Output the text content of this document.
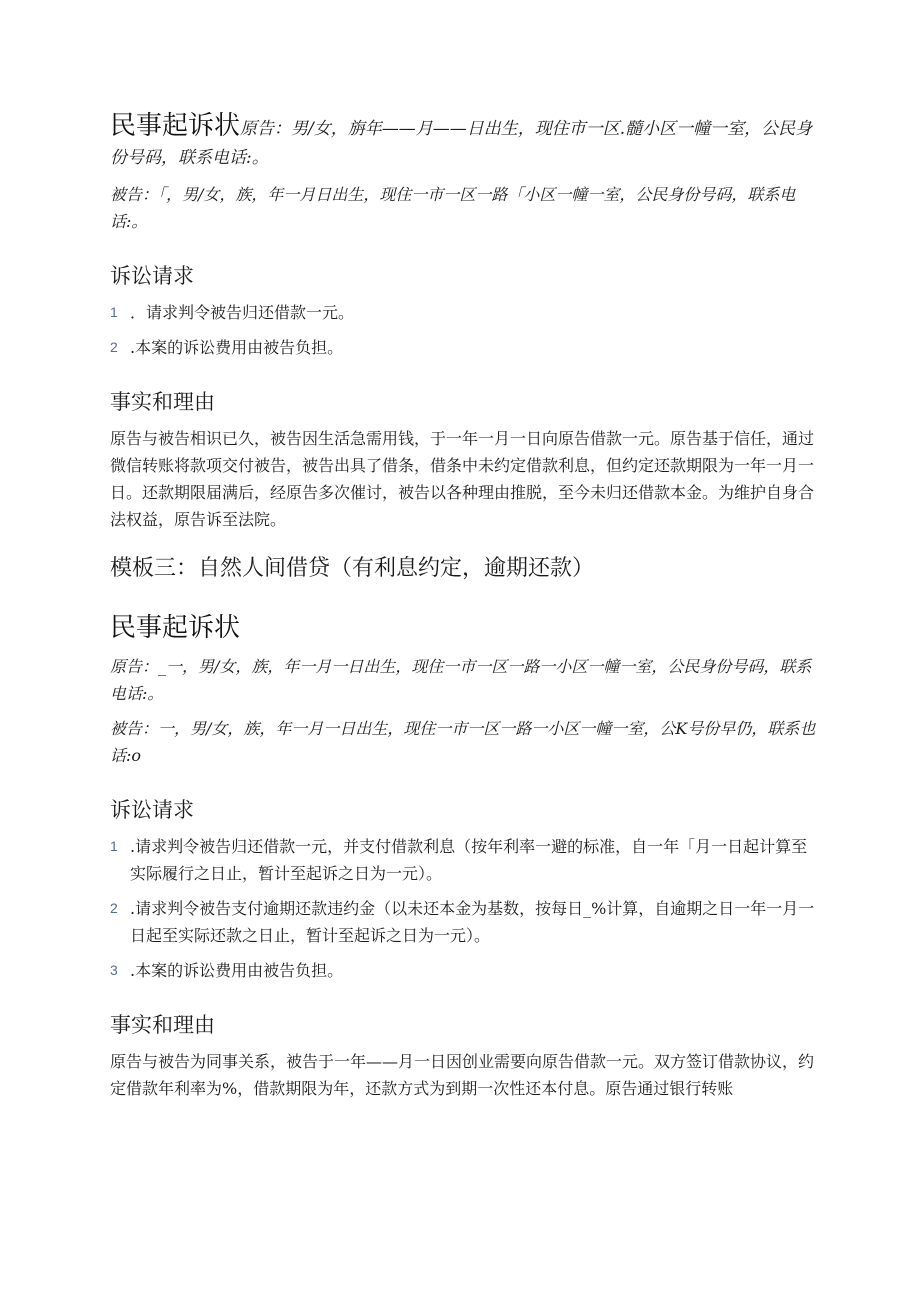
民事起诉状原告：男/女，旃年——月——日出生，现住市一区.髓小区一幢一室，公民身份号码，联系电话:。

被告：「，男/女，族，年一月日出生，现住一市一区一路「小区一幢一室，公民身份号码，联系电话:。

诉讼请求
1 ．请求判令被告归还借款一元。
2 .本案的诉讼费用由被告负担。
事实和理由

原告与被告相识已久，被告因生活急需用钱，于一年一月一日向原告借款一元。原告基于信任，通过微信转账将款项交付被告，被告出具了借条，借条中未约定借款利息，但约定还款期限为一年一月一日。还款期限届满后，经原告多次催讨，被告以各种理由推脱，至今未归还借款本金。为维护自身合法权益，原告诉至法院。

模板三：自然人间借贷（有利息约定，逾期还款）
民事起诉状

原告：_一，男/女，族，年一月一日出生，现住一市一区一路一小区一幢一室，公民身份号码，联系电话:。

被告：一，男/女，族，年一月一日出生，现住一市一区一路一小区一幢一室，公K号份早仍，联系也话:o

诉讼请求
1 .请求判令被告归还借款一元，并支付借款利息（按年利率一避的标准，自一年「月一日起计算至实际履行之日止，暂计至起诉之日为一元）。
2 .请求判令被告支付逾期还款违约金（以未还本金为基数，按每日_%计算，自逾期之日一年一月一日起至实际还款之日止，暂计至起诉之日为一元）。
3 .本案的诉讼费用由被告负担。
事实和理由

原告与被告为同事关系，被告于一年——月一日因创业需要向原告借款一元。双方签订借款协议，约定借款年利率为%，借款期限为年，还款方式为到期一次性还本付息。原告通过银行转账
